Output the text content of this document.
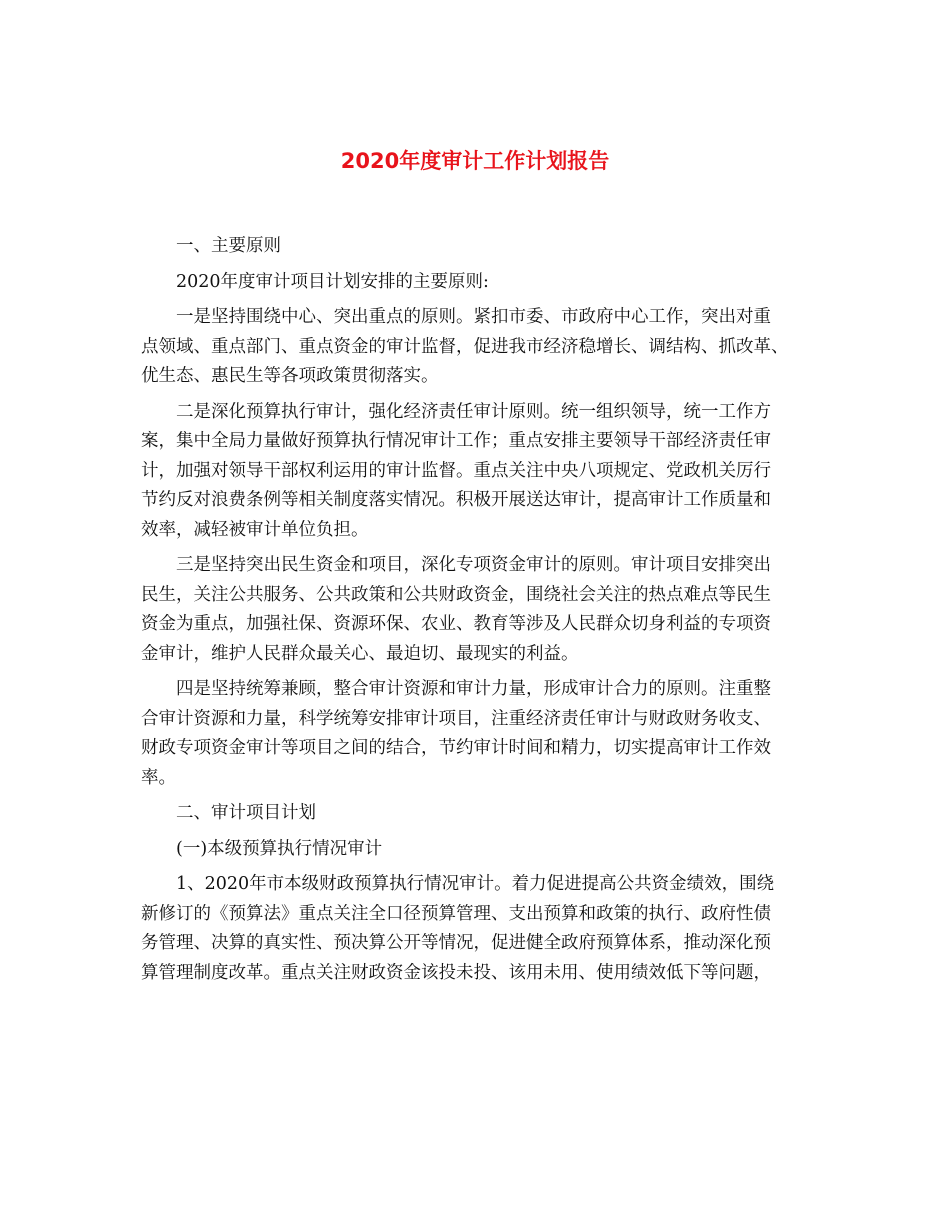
2020年度审计工作计划报告

一、主要原则

2020年度审计项目计划安排的主要原则:

一是坚持围绕中心、突出重点的原则。紧扣市委、市政府中心工作，突出对重
点领域、重点部门、重点资金的审计监督，促进我市经济稳增长、调结构、抓改革、
优生态、惠民生等各项政策贯彻落实。
二是深化预算执行审计，强化经济责任审计原则。统一组织领导，统一工作方
案，集中全局力量做好预算执行情况审计工作；重点安排主要领导干部经济责任审
计，加强对领导干部权利运用的审计监督。重点关注中央八项规定、党政机关厉行
节约反对浪费条例等相关制度落实情况。积极开展送达审计，提高审计工作质量和
效率，减轻被审计单位负担。
三是坚持突出民生资金和项目，深化专项资金审计的原则。审计项目安排突出
民生，关注公共服务、公共政策和公共财政资金，围绕社会关注的热点难点等民生
资金为重点，加强社保、资源环保、农业、教育等涉及人民群众切身利益的专项资
金审计，维护人民群众最关心、最迫切、最现实的利益。
四是坚持统筹兼顾，整合审计资源和审计力量，形成审计合力的原则。注重整
合审计资源和力量，科学统筹安排审计项目，注重经济责任审计与财政财务收支、
财政专项资金审计等项目之间的结合，节约审计时间和精力，切实提高审计工作效
率。

二、审计项目计划

(一)本级预算执行情况审计

1、2020年市本级财政预算执行情况审计。着力促进提高公共资金绩效，围绕
新修订的《预算法》重点关注全口径预算管理、支出预算和政策的执行、政府性债
务管理、决算的真实性、预决算公开等情况，促进健全政府预算体系，推动深化预
算管理制度改革。重点关注财政资金该投未投、该用未用、使用绩效低下等问题，
